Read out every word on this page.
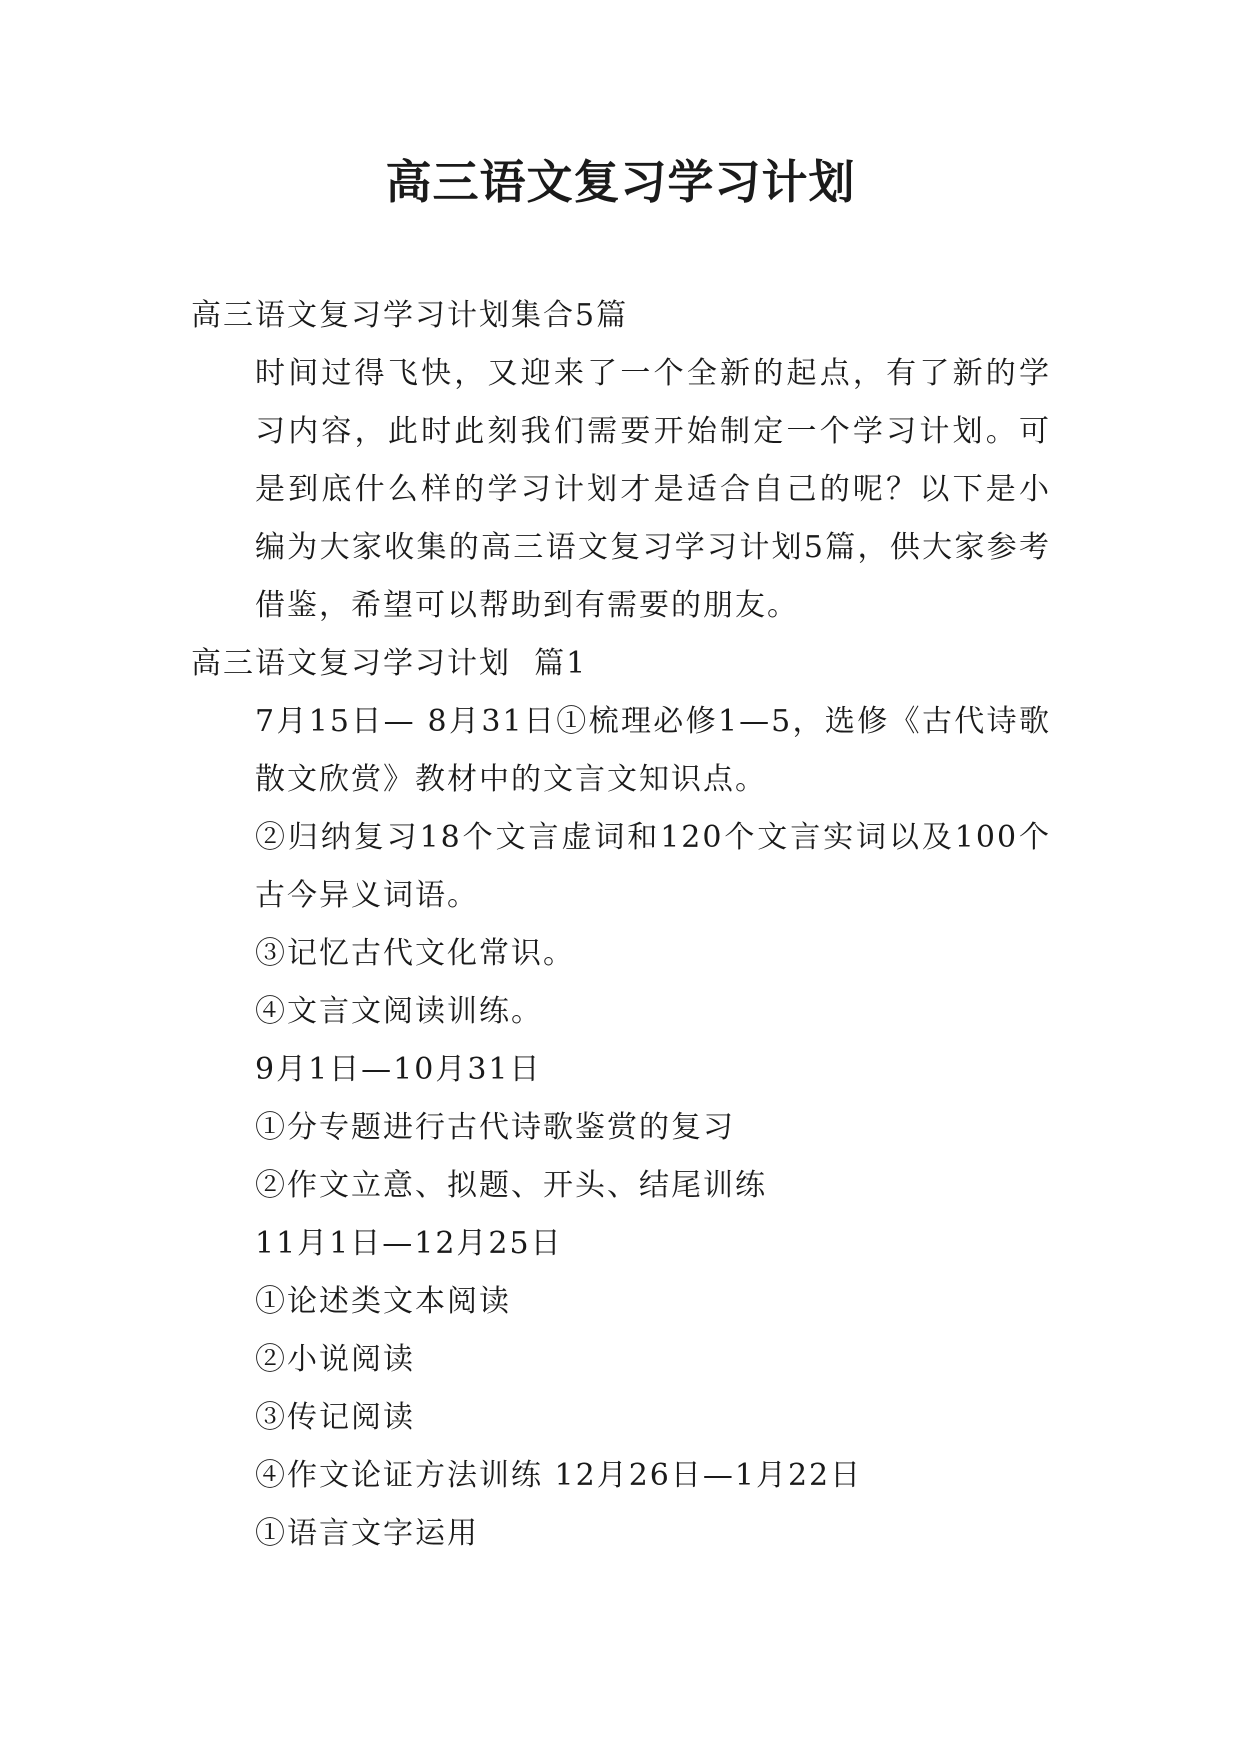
高三语文复习学习计划

高三语文复习学习计划集合5篇

时间过得飞快，又迎来了一个全新的起点，有了新的学习内容，此时此刻我们需要开始制定一个学习计划。可是到底什么样的学习计划才是适合自己的呢？以下是小编为大家收集的高三语文复习学习计划5篇，供大家参考借鉴，希望可以帮助到有需要的朋友。

高三语文复习学习计划  篇1

7月15日— 8月31日①梳理必修1—5，选修《古代诗歌散文欣赏》教材中的文言文知识点。

②归纳复习18个文言虚词和120个文言实词以及100个古今异义词语。

③记忆古代文化常识。

④文言文阅读训练。

9月1日—10月31日

①分专题进行古代诗歌鉴赏的复习

②作文立意、拟题、开头、结尾训练

11月1日—12月25日

①论述类文本阅读

②小说阅读

③传记阅读

④作文论证方法训练 12月26日—1月22日

①语言文字运用
